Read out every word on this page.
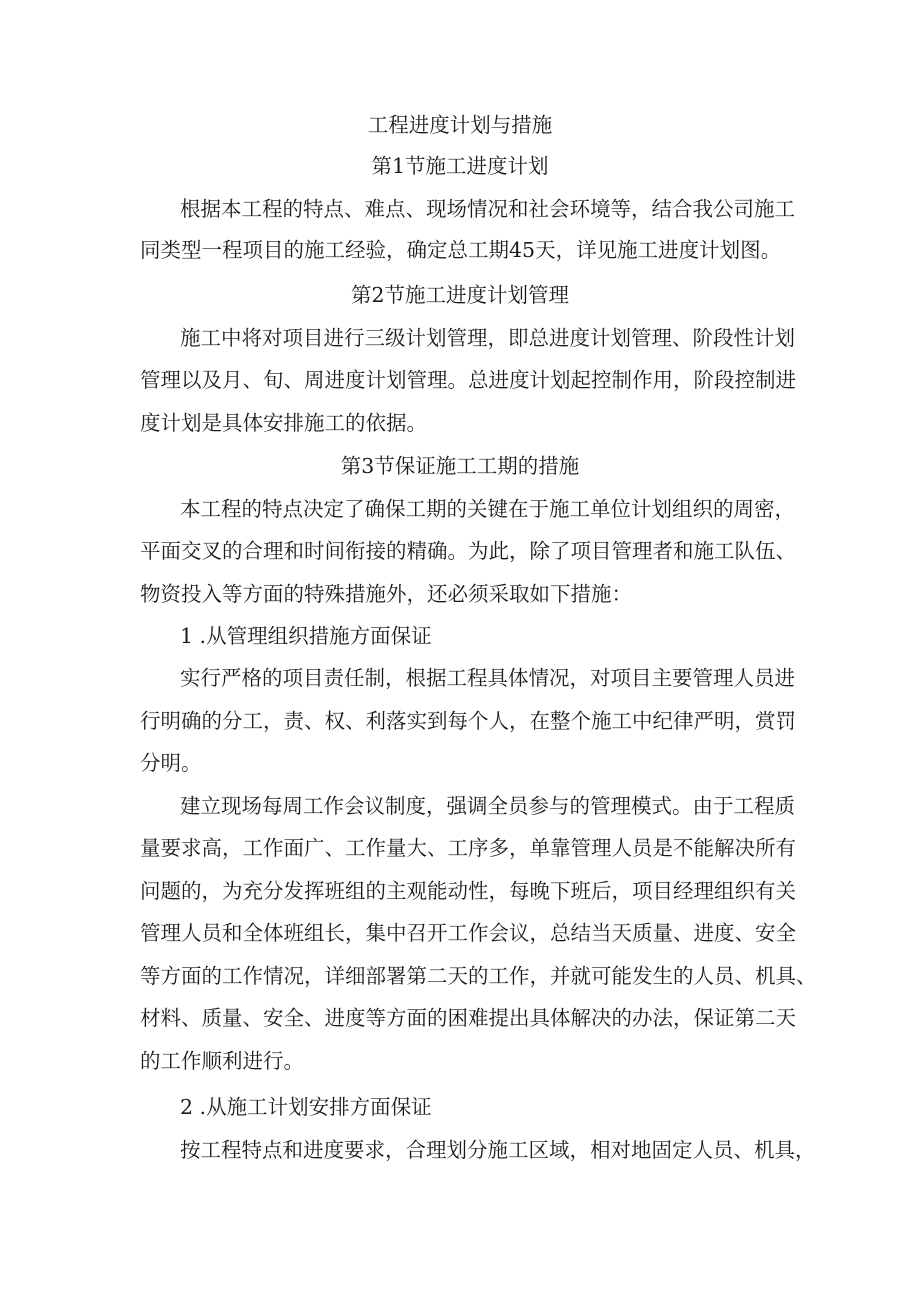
工程进度计划与措施
第1节施工进度计划
根据本工程的特点、难点、现场情况和社会环境等，结合我公司施工
同类型一程项目的施工经验，确定总工期45天，详见施工进度计划图。
第2节施工进度计划管理
施工中将对项目进行三级计划管理，即总进度计划管理、阶段性计划
管理以及月、旬、周进度计划管理。总进度计划起控制作用，阶段控制进
度计划是具体安排施工的依据。
第3节保证施工工期的措施
本工程的特点决定了确保工期的关键在于施工单位计划组织的周密，
平面交叉的合理和时间衔接的精确。为此，除了项目管理者和施工队伍、
物资投入等方面的特殊措施外，还必须采取如下措施：
1 .从管理组织措施方面保证
实行严格的项目责任制，根据工程具体情况，对项目主要管理人员进
行明确的分工，责、权、利落实到每个人，在整个施工中纪律严明，赏罚
分明。
建立现场每周工作会议制度，强调全员参与的管理模式。由于工程质
量要求高，工作面广、工作量大、工序多，单靠管理人员是不能解决所有
问题的，为充分发挥班组的主观能动性，每晚下班后，项目经理组织有关
管理人员和全体班组长，集中召开工作会议，总结当天质量、进度、安全
等方面的工作情况，详细部署第二天的工作，并就可能发生的人员、机具、
材料、质量、安全、进度等方面的困难提出具体解决的办法，保证第二天
的工作顺利进行。
2 .从施工计划安排方面保证
按工程特点和进度要求，合理划分施工区域，相对地固定人员、机具，
